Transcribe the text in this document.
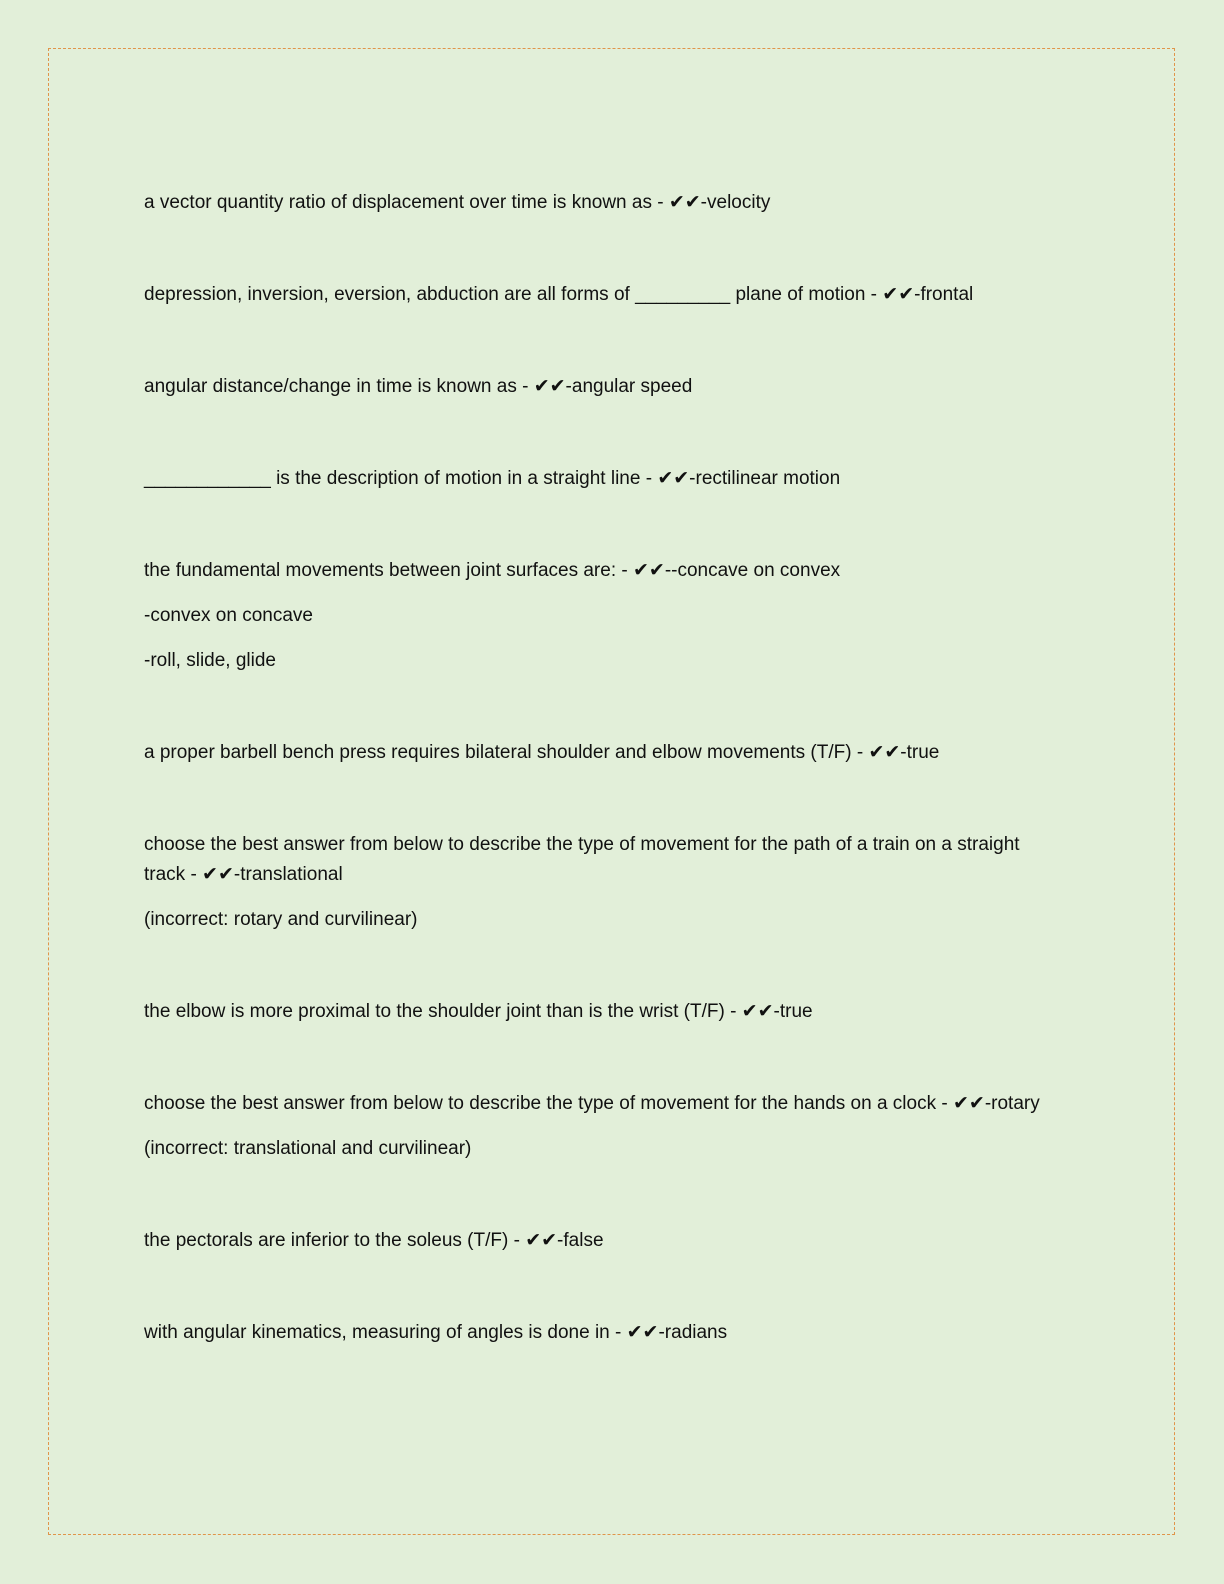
a vector quantity ratio of displacement over time is known as - ✔✔-velocity

depression, inversion, eversion, abduction are all forms of _________ plane of motion - ✔✔-frontal

angular distance/change in time is known as - ✔✔-angular speed

____________ is the description of motion in a straight line - ✔✔-rectilinear motion

the fundamental movements between joint surfaces are: - ✔✔--concave on convex

-convex on concave

-roll, slide, glide

a proper barbell bench press requires bilateral shoulder and elbow movements (T/F) - ✔✔-true

choose the best answer from below to describe the type of movement for the path of a train on a straight track - ✔✔-translational

(incorrect: rotary and curvilinear)

the elbow is more proximal to the shoulder joint than is the wrist (T/F) - ✔✔-true

choose the best answer from below to describe the type of movement for the hands on a clock - ✔✔-rotary

(incorrect: translational and curvilinear)

the pectorals are inferior to the soleus (T/F) - ✔✔-false

with angular kinematics, measuring of angles is done in - ✔✔-radians
